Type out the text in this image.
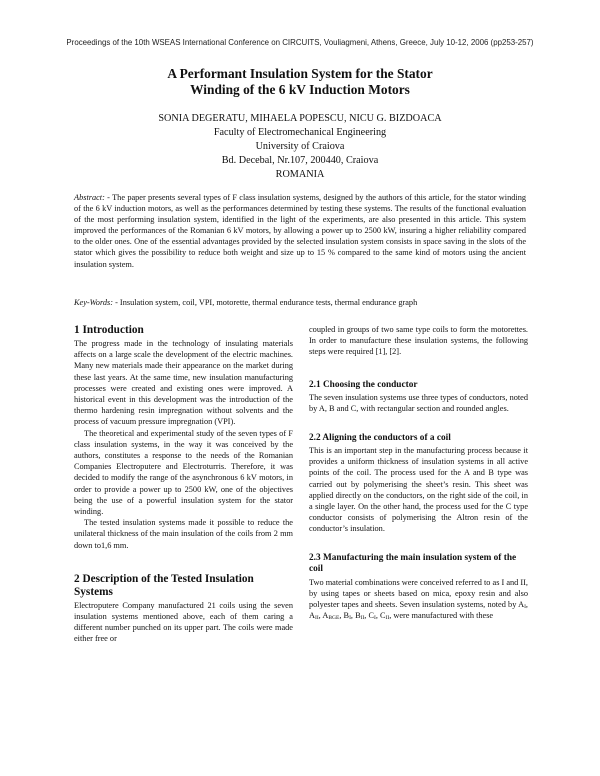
Proceedings of the 10th WSEAS International Conference on CIRCUITS, Vouliagmeni, Athens, Greece, July 10-12, 2006 (pp253-257)
A Performant Insulation System for the Stator
Winding of the 6 kV Induction Motors
SONIA DEGERATU, MIHAELA POPESCU, NICU G. BIZDOACA
Faculty of Electromechanical Engineering
University of Craiova
Bd. Decebal, Nr.107, 200440, Craiova
ROMANIA

Abstract: - The paper presents several types of F class insulation systems, designed by the authors of this article, for the stator winding of the 6 kV induction motors, as well as the performances determined by testing these systems. The results of the functional evaluation of the most performing insulation system, identified in the light of the experiments, are also presented in this article. This system improved the performances of the Romanian 6 kV motors, by allowing a power up to 2500 kW, insuring a higher reliability compared to the older ones. One of the essential advantages provided by the selected insulation system consists in space saving in the slots of the stator which gives the possibility to reduce both weight and size up to 15 % compared to the same kind of motors using the ancient insulation system.

Key-Words: - Insulation system, coil, VPI, motorette, thermal endurance tests, thermal endurance graph
1 Introduction

The progress made in the technology of insulating materials affects on a large scale the development of the electric machines. Many new materials made their appearance on the market during these last years. At the same time, new insulation manufacturing processes were created and existing ones were improved. A historical event in this development was the introduction of the thermo hardening resin impregnation without solvents and the process of vacuum pressure impregnation (VPI).

The theoretical and experimental study of the seven types of F class insulation systems, in the way it was conceived by the authors, constitutes a response to the needs of the Romanian Companies Electroputere and Electroturris. Therefore, it was decided to modify the range of the asynchronous 6 kV motors, in order to provide a power up to 2500 kW, one of the objectives being the use of a powerful insulation system for the stator winding.

The tested insulation systems made it possible to reduce the unilateral thickness of the main insulation of the coils from 2 mm down to1,6 mm.

2 Description of the Tested Insulation Systems

Electroputere Company manufactured 21 coils using the seven insulation systems mentioned above, each of them caring a different number punched on its upper part. The coils were made either free or

coupled in groups of two same type coils to form the motorettes. In order to manufacture these insulation systems, the following steps were required [1], [2].

2.1 Choosing the conductor

The seven insulation systems use three types of conductors, noted by A, B and C, with rectangular section and rounded angles.

2.2 Aligning the conductors of a coil

This is an important step in the manufacturing process because it provides a uniform thickness of insulation systems in all active points of the coil. The process used for the A and B type was carried out by polymerising the sheet’s resin. This sheet was applied directly on the conductors, on the right side of the coil, in a single layer. On the other hand, the process used for the C type conductor consists of polymerising the Altron resin of the conductor’s insulation.

2.3 Manufacturing the main insulation system of the coil

Two material combinations were conceived referred to as I and II, by using tapes or sheets based on mica, epoxy resin and also polyester tapes and sheets. Seven insulation systems, noted by $A_I$, $A_{II}$, $A_{BGE}$, $B_I$, $B_{II}$, $C_I$, $C_{II}$, were manufactured with these
